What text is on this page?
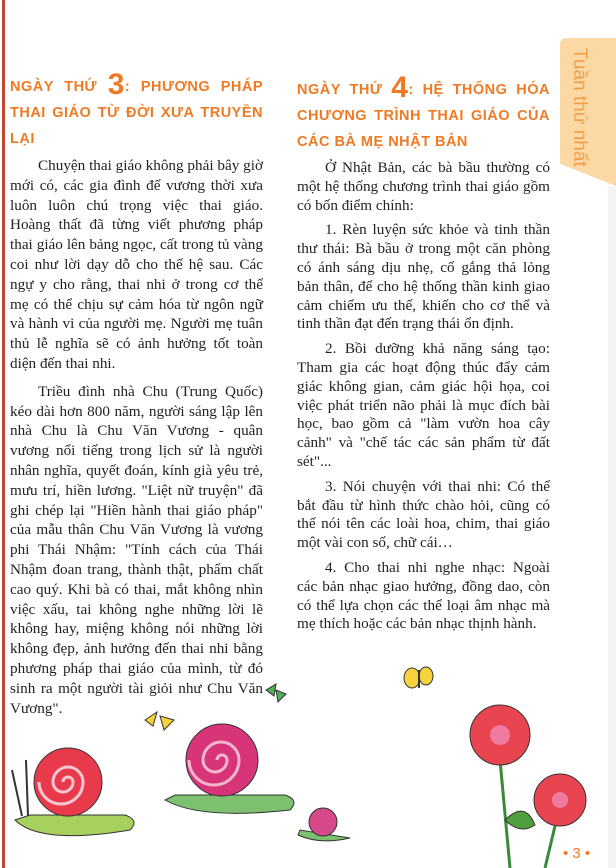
Tuần thứ nhất
NGÀY THỨ 3: PHƯƠNG PHÁP THAI GIÁO TỪ ĐỜI XƯA TRUYỀN LẠI

Chuyện thai giáo không phải bây giờ mới có, các gia đình đế vương thời xưa luôn luôn chú trọng việc thai giáo. Hoàng thất đã từng viết phương pháp thai giáo lên bảng ngọc, cất trong tủ vàng coi như lời dạy dỗ cho thế hệ sau. Các ngự y cho rằng, thai nhi ở trong cơ thể mẹ có thể chịu sự cảm hóa từ ngôn ngữ và hành vi của người mẹ. Người mẹ tuân thủ lễ nghĩa sẽ có ảnh hưởng tốt toàn diện đến thai nhi.

Triều đình nhà Chu (Trung Quốc) kéo dài hơn 800 năm, người sáng lập lên nhà Chu là Chu Văn Vương - quân vương nổi tiếng trong lịch sử là người nhân nghĩa, quyết đoán, kính già yêu trẻ, mưu trí, hiền lương. "Liệt nữ truyện" đã ghi chép lại "Hiền hành thai giáo pháp" của mẫu thân Chu Văn Vương là vương phi Thái Nhậm: "Tính cách của Thái Nhậm đoan trang, thành thật, phẩm chất cao quý. Khi bà có thai, mắt không nhìn việc xấu, tai không nghe những lời lẽ không hay, miệng không nói những lời không đẹp, ảnh hưởng đến thai nhi bằng phương pháp thai giáo của mình, từ đó sinh ra một người tài giỏi như Chu Văn Vương".

NGÀY THỨ 4: HỆ THỐNG HÓA CHƯƠNG TRÌNH THAI GIÁO CỦA CÁC BÀ MẸ NHẬT BẢN

Ở Nhật Bản, các bà bầu thường có một hệ thống chương trình thai giáo gồm có bốn điểm chính:

1. Rèn luyện sức khỏe và tinh thần thư thái: Bà bầu ở trong một căn phòng có ánh sáng dịu nhẹ, cố gắng thả lỏng bản thân, để cho hệ thống thần kinh giao cảm chiếm ưu thế, khiến cho cơ thể và tinh thần đạt đến trạng thái ổn định.

2. Bồi dưỡng khả năng sáng tạo: Tham gia các hoạt động thúc đẩy cảm giác không gian, cảm giác hội họa, coi việc phát triển não phải là mục đích bài học, bao gồm cả "làm vườn hoa cây cảnh" và "chế tác các sản phẩm từ đất sét"...

3. Nói chuyện với thai nhi: Có thể bắt đầu từ hình thức chào hỏi, cũng có thể nói tên các loài hoa, chim, thai giáo một vài con số, chữ cái…

4. Cho thai nhi nghe nhạc: Ngoài các bản nhạc giao hưởng, đồng dao, còn có thể lựa chọn các thể loại âm nhạc mà mẹ thích hoặc các bản nhạc thịnh hành.

• 3 •
